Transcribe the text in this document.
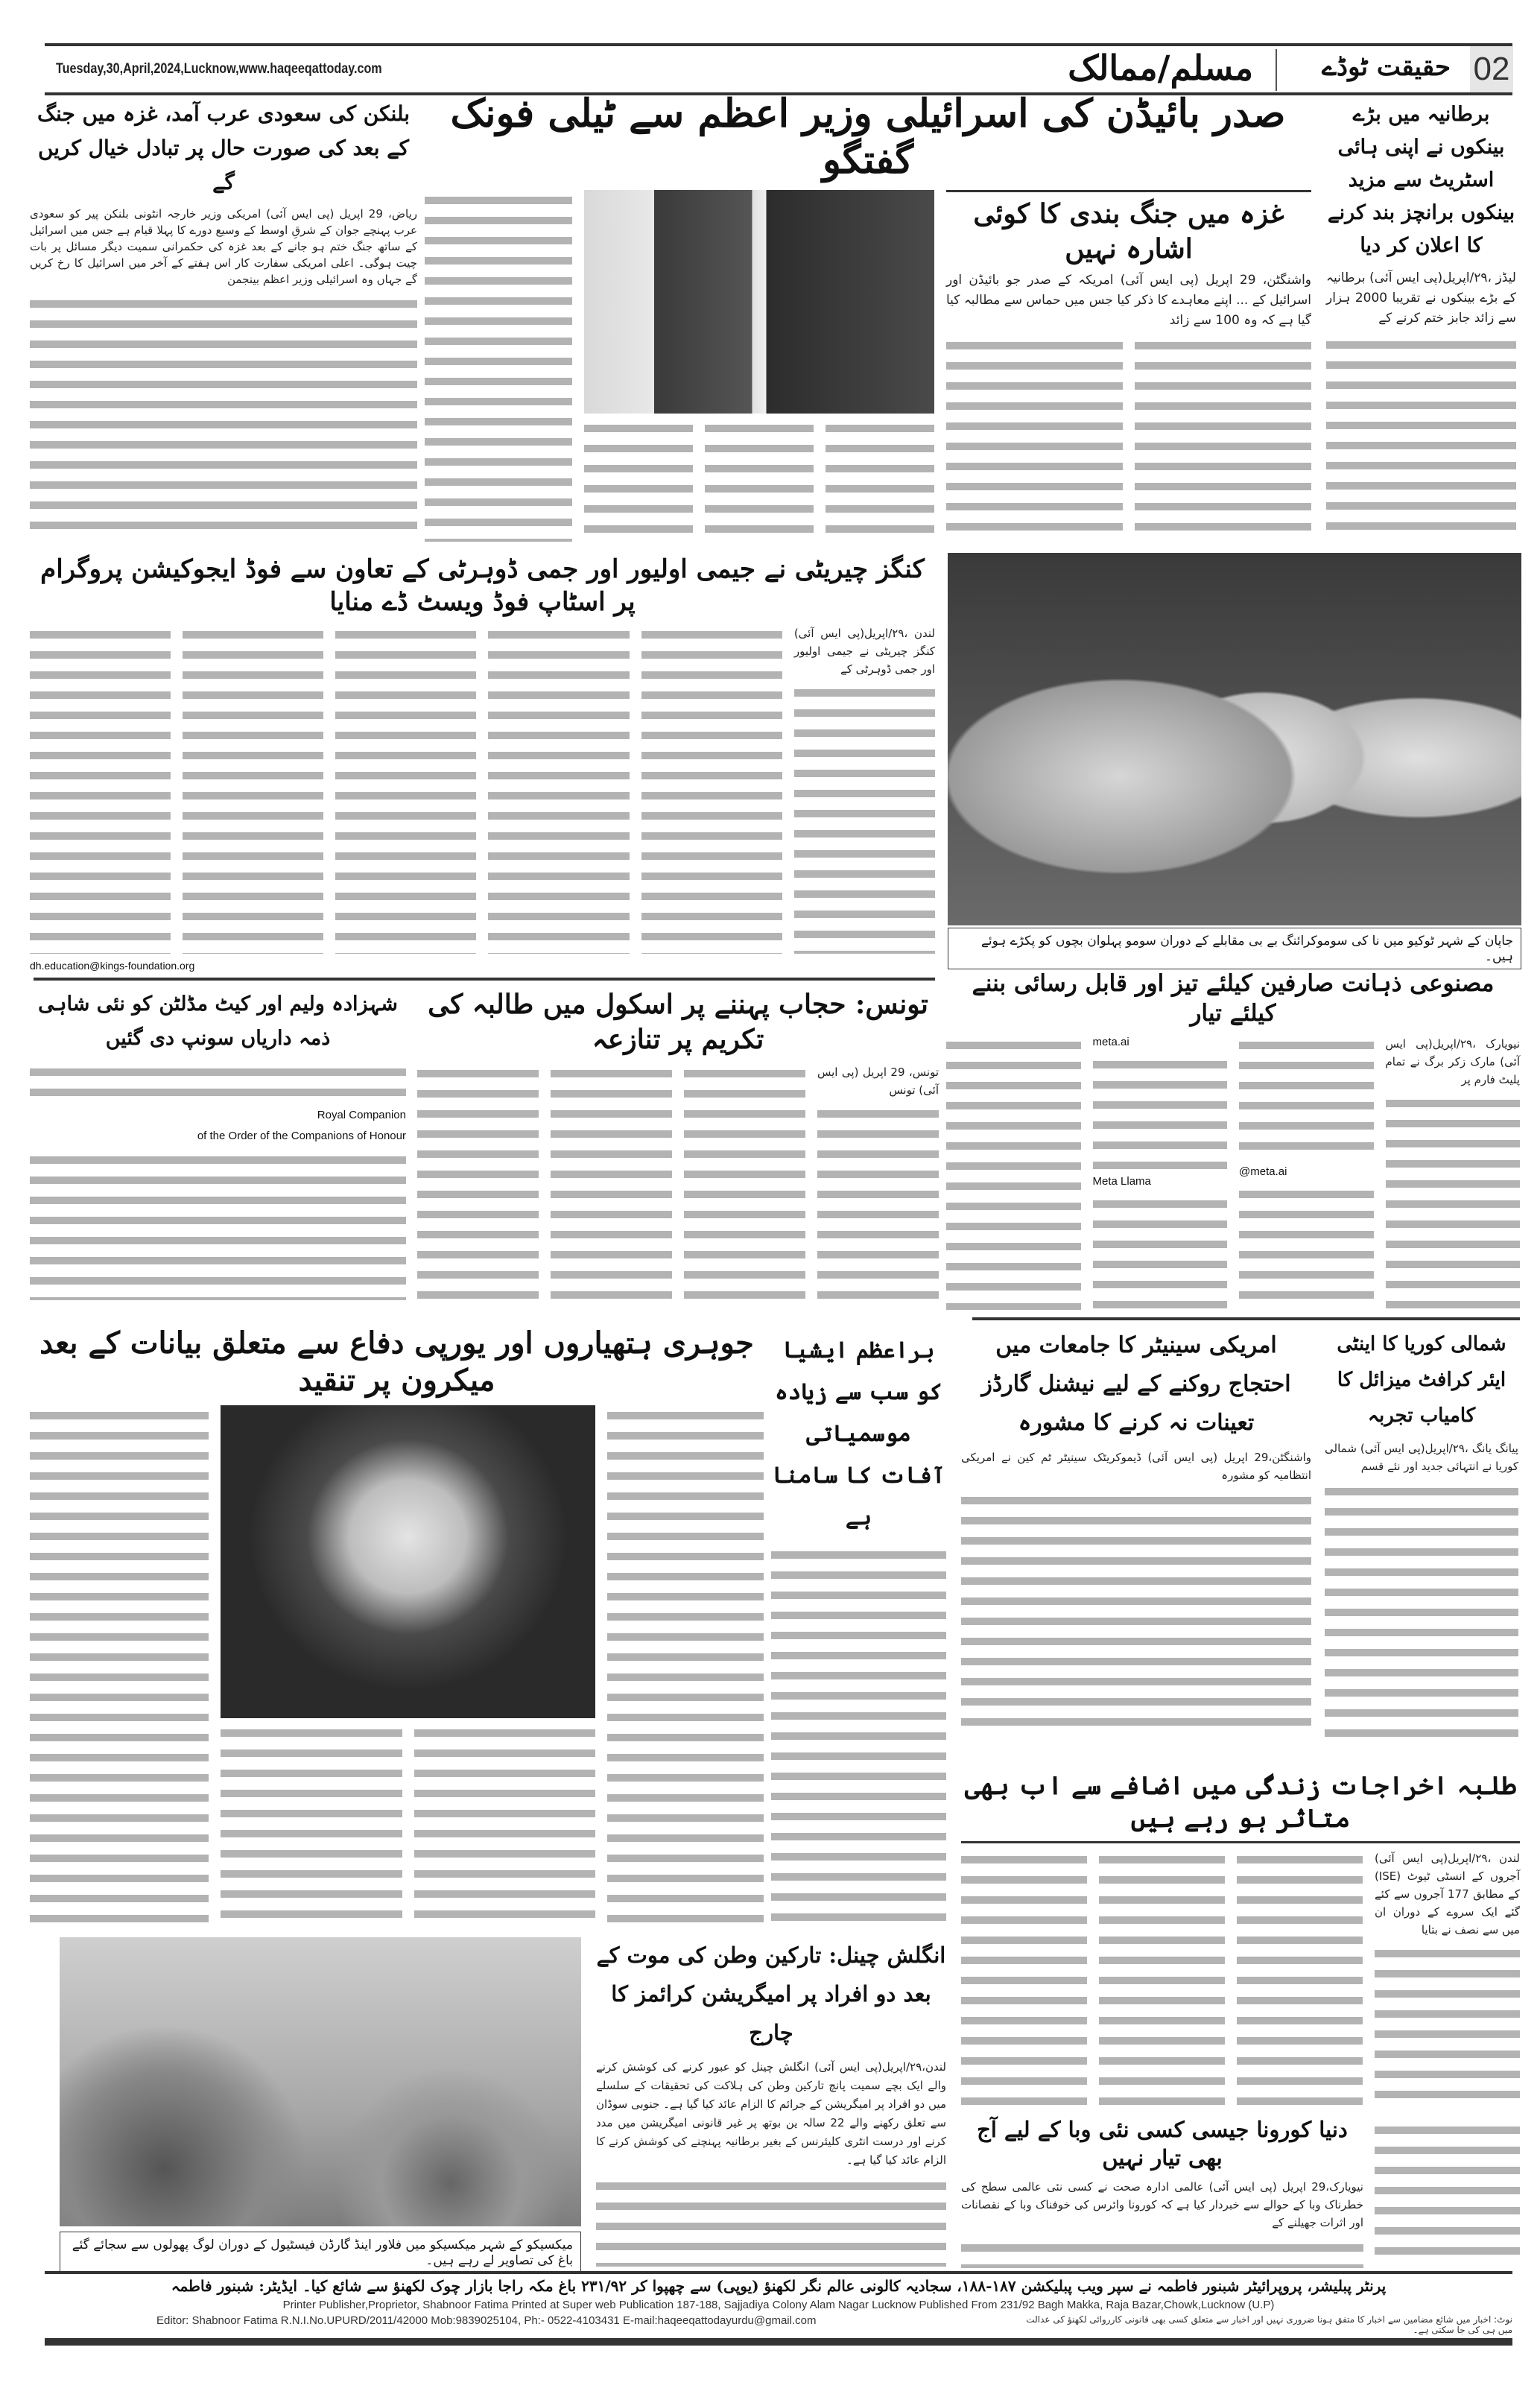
02
حقیقت ٹوڈے
مسلم/ممالک
Tuesday,30,April,2024,Lucknow,www.haqeeqattoday.com
برطانیہ میں بڑے بینکوں نے اپنی ہائی اسٹریٹ سے مزید بینکوں برانچز بند کرنے کا اعلان کر دیا
لیڈز ،۲۹/اپریل(پی ایس آئی) برطانیہ کے بڑے بینکوں نے تقریبا 2000 ہزار سے زائد جابز ختم کرنے کے
صدر بائیڈن کی اسرائیلی وزیر اعظم سے ٹیلی فونک گفتگو
غزہ میں جنگ بندی کا کوئی اشارہ نہیں
واشنگٹن، 29 اپریل (پی ایس آئی) امریکہ کے صدر جو بائیڈن اور اسرائیل کے ... اپنے معاہدے کا ذکر کیا جس میں حماس سے مطالبہ کیا گیا ہے کہ وہ 100 سے زائد
بلنکن کی سعودی عرب آمد، غزہ میں جنگ کے بعد کی صورت حال پر تبادل خیال کریں گے
ریاض، 29 اپریل (پی ایس آئی) امریکی وزیر خارجہ انٹونی بلنکن پیر کو سعودی عرب پہنچے جوان کے شرقِ اوسط کے وسیع دورے کا پہلا قیام ہے جس میں اسرائیل کے ساتھ جنگ ختم ہو جانے کے بعد غزہ کی حکمرانی سمیت دیگر مسائل پر بات چیت ہوگی۔ اعلی امریکی سفارت کار اس ہفتے کے آخر میں اسرائیل کا رخ کریں گے جہاں وہ اسرائیلی وزیر اعظم بینجمن
کنگز چیریٹی نے جیمی اولیور اور جمی ڈوہرٹی کے تعاون سے فوڈ ایجوکیشن پروگرام پر اسٹاپ فوڈ ویسٹ ڈے منایا
لندن ،۲۹/اپریل(پی ایس آئی) کنگز چیریٹی نے جیمی اولیور اور جمی ڈوہرٹی کے
dh.education@kings-foundation.org
جاپان کے شہر ٹوکیو میں نا کی سوموکرائنگ بے بی مقابلے کے دوران سومو پہلوان بچوں کو پکڑے ہوئے ہیں۔
مصنوعی ذہانت صارفین کیلئے تیز اور قابل رسائی بننے کیلئے تیار
نیویارک ،۲۹/اپریل(پی ایس آئی) مارک زکر برگ نے تمام پلیٹ فارم پر
@meta.ai
meta.ai
Meta Llama
تونس: حجاب پہننے پر اسکول میں طالبہ کی تکریم پر تنازعہ
تونس، 29 اپریل (پی ایس آئی) تونس
شہزادہ ولیم اور کیٹ مڈلٹن کو نئی شاہی ذمہ داریاں سونپ دی گئیں
Royal Companion
of the Order of the Companions of Honour
جوہری ہتھیاروں اور یورپی دفاع سے متعلق بیانات کے بعد میکرون پر تنقید
براعظم ایشیا کو سب سے زیادہ موسمیاتی آفات کا سامنا ہے
امریکی سینیٹر کا جامعات میں احتجاج روکنے کے لیے نیشنل گارڈز تعینات نہ کرنے کا مشورہ
واشنگٹن،29 اپریل (پی ایس آئی) ڈیموکریٹک سینیٹر ٹم کین نے امریکی انتظامیہ کو مشورہ
شمالی کوریا کا اینٹی ایئر کرافٹ میزائل کا کامیاب تجربہ
پیانگ یانگ ،۲۹/اپریل(پی ایس آئی) شمالی کوریا نے انتہائی جدید اور نئے قسم
طلبہ اخراجات زندگی میں اضافے سے اب بھی متاثر ہو رہے ہیں
لندن ،۲۹/اپریل(پی ایس آئی) آجروں کے انسٹی ٹیوٹ (ISE) کے مطابق 177 آجروں سے کئے گئے ایک سروے کے دوران ان میں سے نصف نے بتایا
میکسیکو کے شہر میکسیکو میں فلاور اینڈ گارڈن فیسٹیول کے دوران لوگ پھولوں سے سجائے گئے باغ کی تصاویر لے رہے ہیں۔
انگلش چینل: تارکین وطن کی موت کے بعد دو افراد پر امیگریشن کرائمز کا چارج
لندن،۲۹/اپریل(پی ایس آئی) انگلش چینل کو عبور کرنے کی کوشش کرنے والے ایک بچے سمیت پانچ تارکین وطن کی ہلاکت کی تحقیقات کے سلسلے میں دو افراد پر امیگریشن کے جرائم کا الزام عائد کیا گیا ہے۔ جنوبی سوڈان سے تعلق رکھنے والے 22 سالہ ین بوتھ پر غیر قانونی امیگریشن میں مدد کرنے اور درست انٹری کلیئرنس کے بغیر برطانیہ پہنچنے کی کوشش کرنے کا الزام عائد کیا گیا ہے۔
دنیا کورونا جیسی کسی نئی وبا کے لیے آج بھی تیار نہیں
نیویارک،29 اپریل (پی ایس آئی) عالمی ادارہ صحت نے کسی نئی عالمی سطح کی خطرناک وبا کے حوالے سے خبردار کیا ہے کہ کورونا وائرس کی خوفناک وبا کے نقصانات اور اثرات جھیلنے کے
پرنٹر پبلیشر، پروپرائیٹر شبنور فاطمہ نے سپر ویب پبلیکشن ۱۸۷-۱۸۸، سجادیہ کالونی عالم نگر لکھنؤ (یوپی) سے چھپوا کر ۲۳۱/۹۲ باغ مکہ راجا بازار چوک لکھنؤ سے شائع کیا۔ ایڈیٹر: شبنور فاطمہ
Printer Publisher,Proprietor, Shabnoor Fatima Printed at Super web Publication 187-188, Sajjadiya Colony Alam Nagar Lucknow Published From 231/92 Bagh Makka, Raja Bazar,Chowk,Lucknow (U.P)
Editor: Shabnoor Fatima R.N.I.No.UPURD/2011/42000 Mob:9839025104, Ph:- 0522-4103431 E-mail:haqeeqattodayurdu@gmail.com	نوٹ: اخبار میں شائع مضامین سے اخبار کا متفق ہونا ضروری نہیں اور اخبار سے متعلق کسی بھی قانونی کارروائی لکھنؤ کی عدالت میں ہی کی جا سکتی ہے۔
